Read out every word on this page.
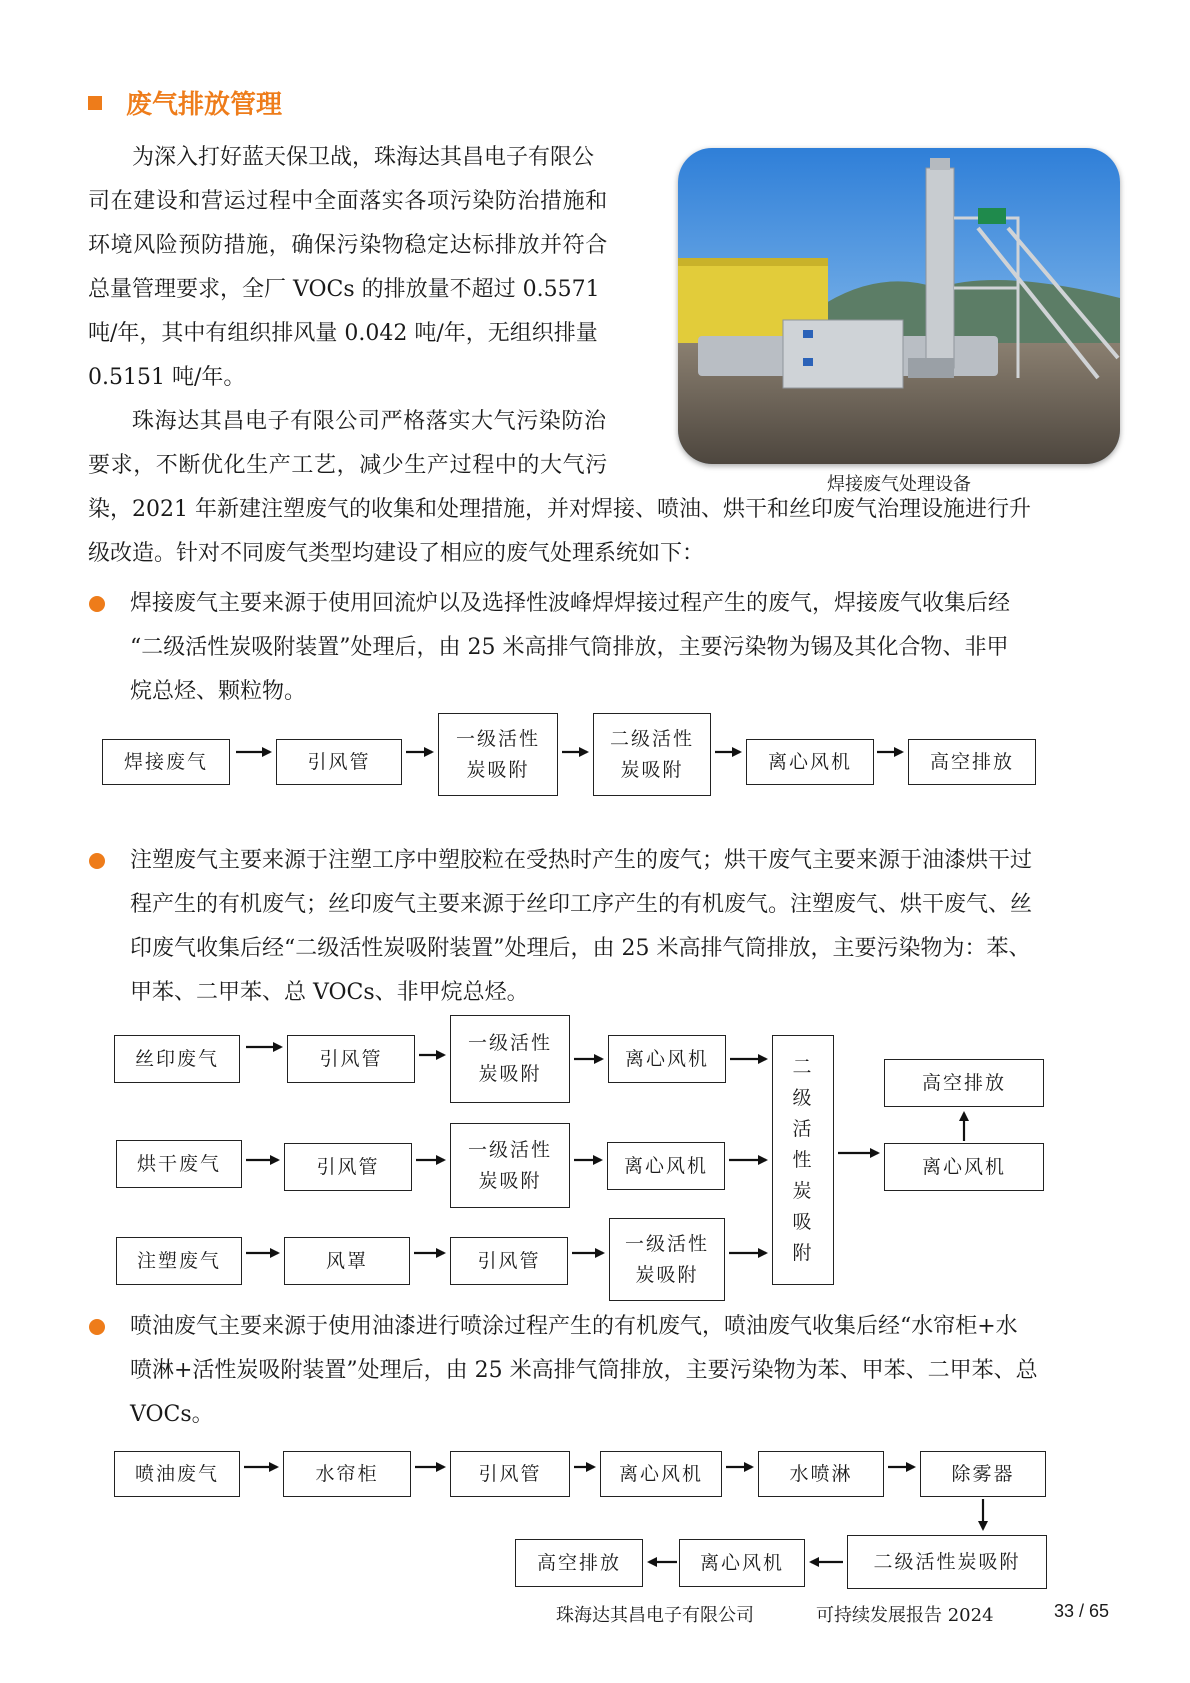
废气排放管理

为深入打好蓝天保卫战，珠海达其昌电子有限公

司在建设和营运过程中全面落实各项污染防治措施和

环境风险预防措施，确保污染物稳定达标排放并符合

总量管理要求，全厂 VOCs 的排放量不超过 0.5571

吨/年，其中有组织排风量 0.042 吨/年，无组织排量

0.5151 吨/年。

珠海达其昌电子有限公司严格落实大气污染防治

要求，不断优化生产工艺，减少生产过程中的大气污

焊接废气处理设备

染，2021 年新建注塑废气的收集和处理措施，并对焊接、喷油、烘干和丝印废气治理设施进行升

级改造。针对不同废气类型均建设了相应的废气处理系统如下：

焊接废气主要来源于使用回流炉以及选择性波峰焊焊接过程产生的废气，焊接废气收集后经

“二级活性炭吸附装置”处理后，由 25 米高排气筒排放，主要污染物为锡及其化合物、非甲

烷总烃、颗粒物。

焊接废气	引风管
一级活性
炭吸附
二级活性
炭吸附	离心风机	高空排放

注塑废气主要来源于注塑工序中塑胶粒在受热时产生的废气；烘干废气主要来源于油漆烘干过

程产生的有机废气；丝印废气主要来源于丝印工序产生的有机废气。注塑废气、烘干废气、丝

印废气收集后经“二级活性炭吸附装置”处理后，由 25 米高排气筒排放，主要污染物为：苯、

甲苯、二甲苯、总 VOCs、非甲烷总烃。

丝印废气	引风管
一级活性
炭吸附
离心风机
烘干废气	引风管
一级活性
炭吸附
离心风机
注塑废气	风罩	引风管
一级活性
炭吸附
二
级
活
性
炭
吸
附
高空排放
离心风机

喷油废气主要来源于使用油漆进行喷涂过程产生的有机废气，喷油废气收集后经“水帘柜+水

喷淋+活性炭吸附装置”处理后，由 25 米高排气筒排放，主要污染物为苯、甲苯、二甲苯、总

VOCs。

喷油废气	水帘柜	引风管	离心风机	水喷淋	除雾器
高空排放	离心风机	二级活性炭吸附
珠海达其昌电子有限公司	可持续发展报告 2024	33 / 65
